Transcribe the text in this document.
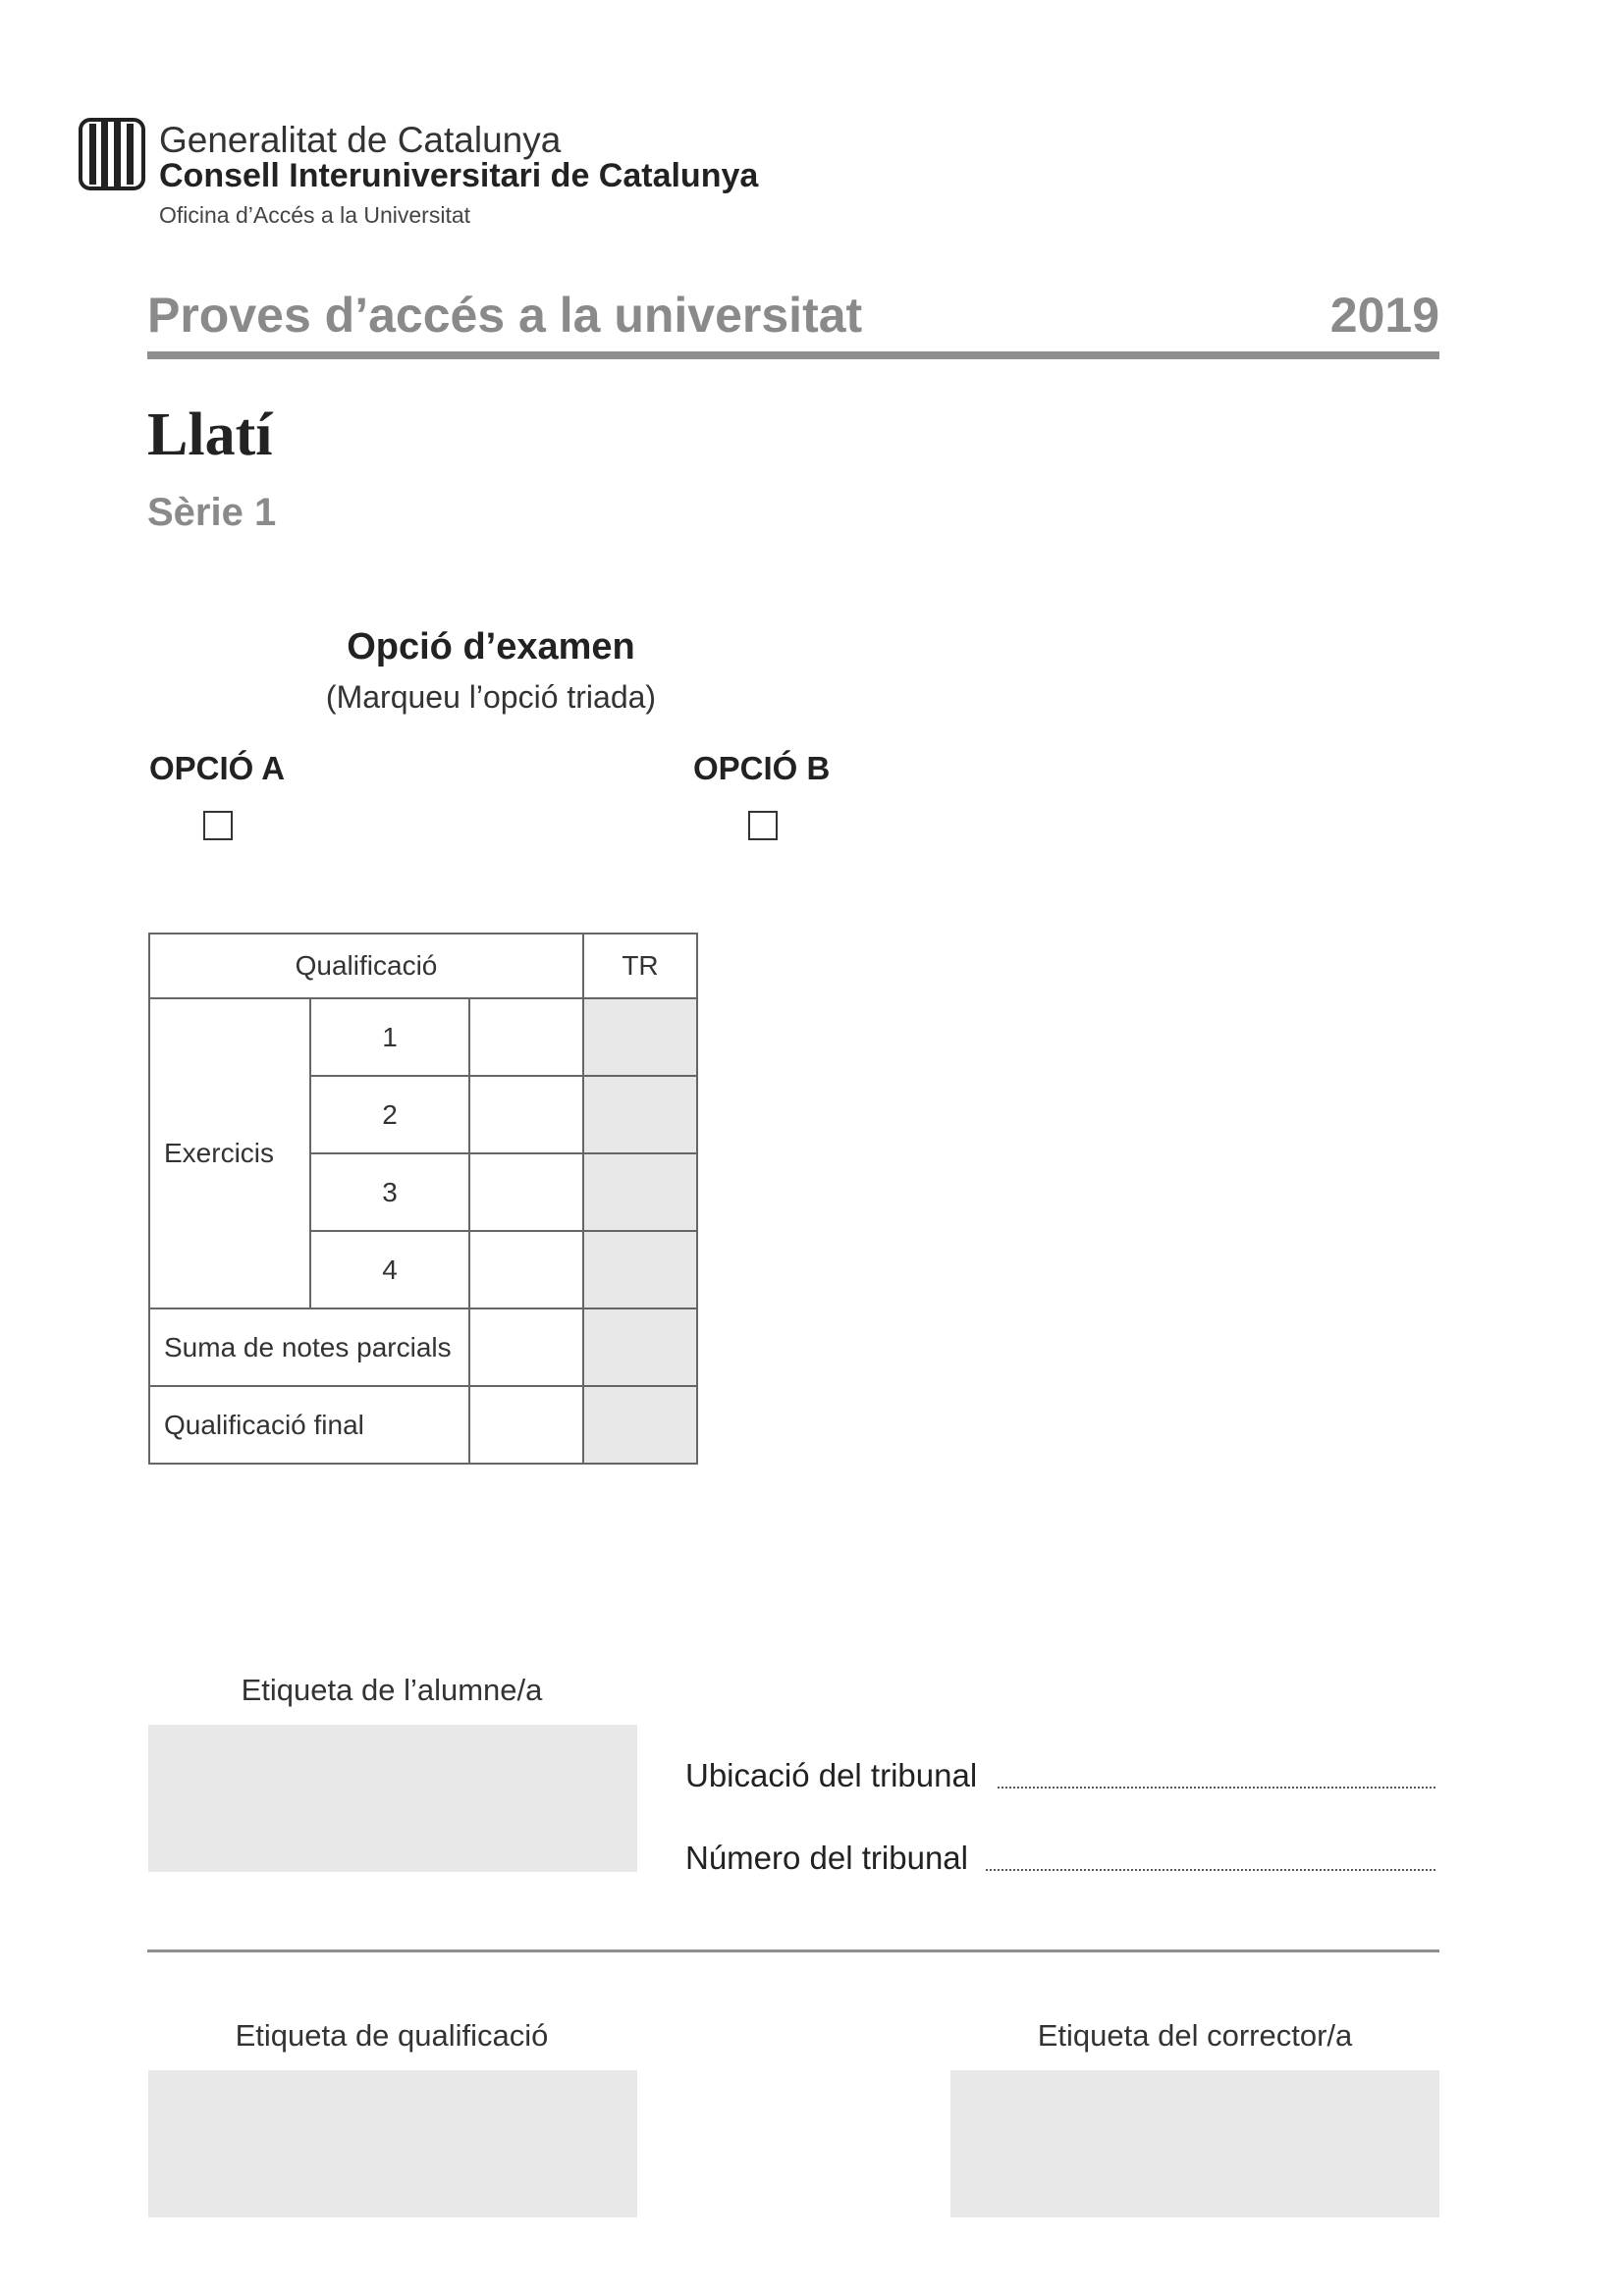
Generalitat de Catalunya
Consell Interuniversitari de Catalunya
Oficina d’Accés a la Universitat
Proves d’accés a la universitat	2019
Llatí
Sèrie 1
Opció d’examen
(Marqueu l’opció triada)
OPCIÓ A	OPCIÓ B
Qualificació			TR
Exercicis	1		
	2		
	3		
	4		
Suma de notes parcials			
Qualificació final			
Etiqueta de l’alumne/a
Ubicació del tribunal
Número del tribunal
Etiqueta de qualificació	Etiqueta del corrector/a
